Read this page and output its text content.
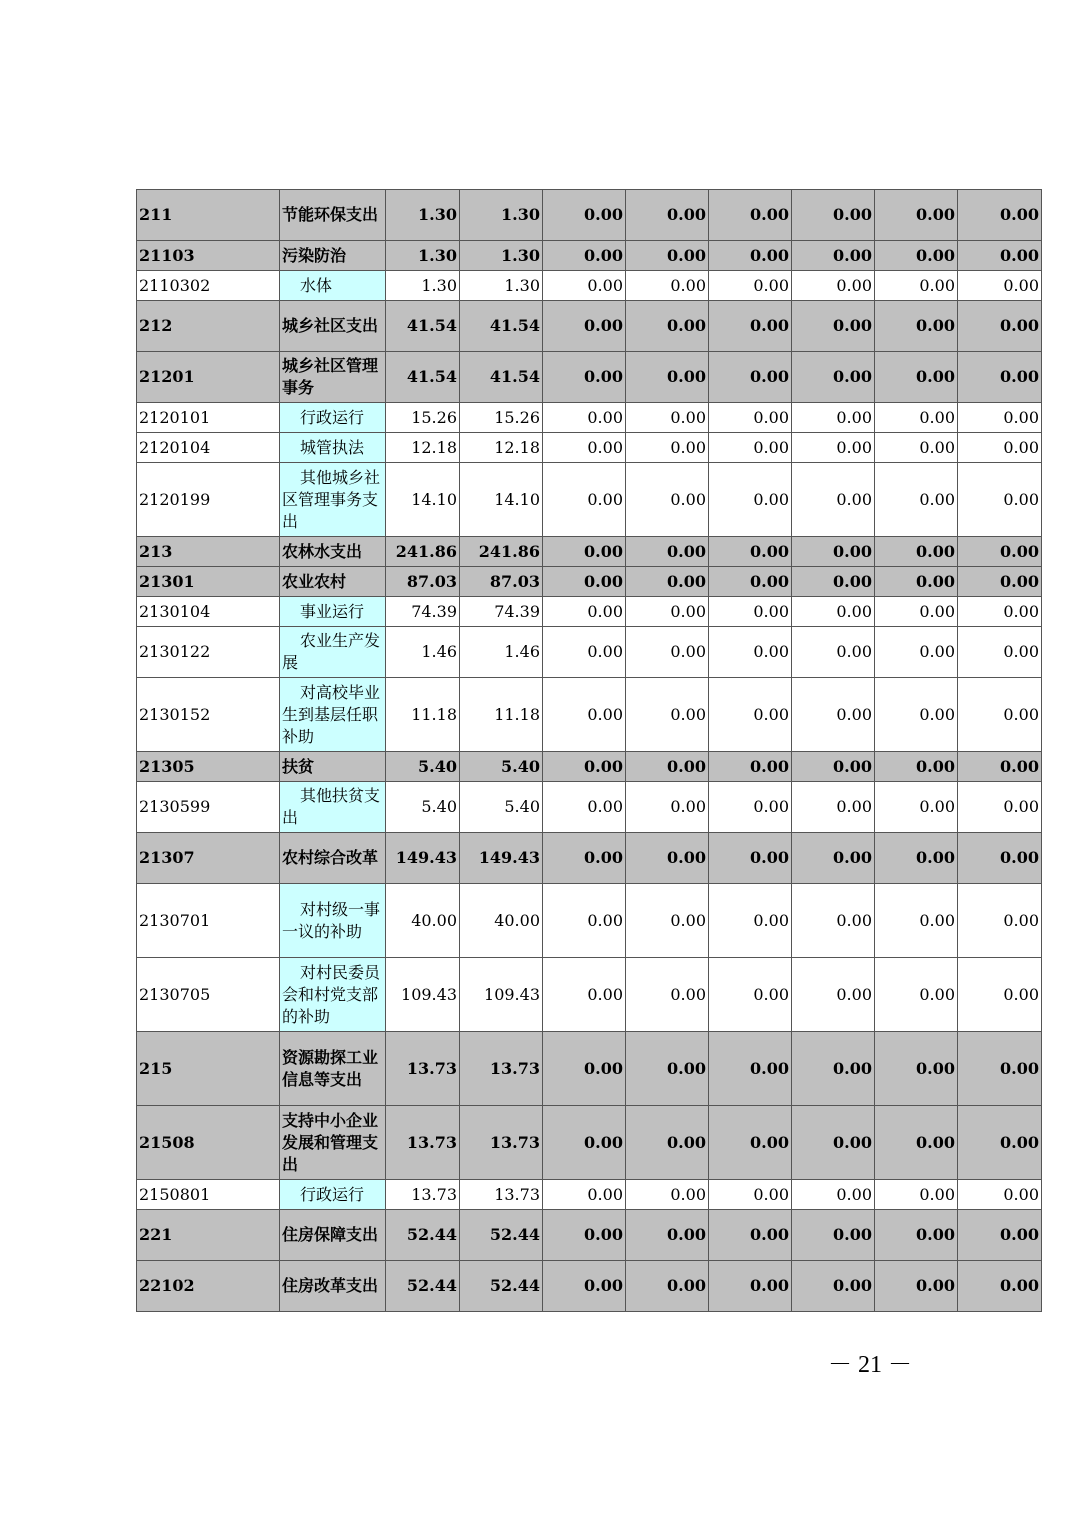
211	节能环保支出	1.30	1.30	0.00	0.00	0.00	0.00	0.00	0.00
21103	污染防治	1.30	1.30	0.00	0.00	0.00	0.00	0.00	0.00
2110302	水体	1.30	1.30	0.00	0.00	0.00	0.00	0.00	0.00
212	城乡社区支出	41.54	41.54	0.00	0.00	0.00	0.00	0.00	0.00
21201	城乡社区管理事务	41.54	41.54	0.00	0.00	0.00	0.00	0.00	0.00
2120101	行政运行	15.26	15.26	0.00	0.00	0.00	0.00	0.00	0.00
2120104	城管执法	12.18	12.18	0.00	0.00	0.00	0.00	0.00	0.00
2120199	其他城乡社区管理事务支出	14.10	14.10	0.00	0.00	0.00	0.00	0.00	0.00
213	农林水支出	241.86	241.86	0.00	0.00	0.00	0.00	0.00	0.00
21301	农业农村	87.03	87.03	0.00	0.00	0.00	0.00	0.00	0.00
2130104	事业运行	74.39	74.39	0.00	0.00	0.00	0.00	0.00	0.00
2130122	农业生产发展	1.46	1.46	0.00	0.00	0.00	0.00	0.00	0.00
2130152	对高校毕业生到基层任职补助	11.18	11.18	0.00	0.00	0.00	0.00	0.00	0.00
21305	扶贫	5.40	5.40	0.00	0.00	0.00	0.00	0.00	0.00
2130599	其他扶贫支出	5.40	5.40	0.00	0.00	0.00	0.00	0.00	0.00
21307	农村综合改革	149.43	149.43	0.00	0.00	0.00	0.00	0.00	0.00
2130701	对村级一事一议的补助	40.00	40.00	0.00	0.00	0.00	0.00	0.00	0.00
2130705	对村民委员会和村党支部的补助	109.43	109.43	0.00	0.00	0.00	0.00	0.00	0.00
215	资源勘探工业信息等支出	13.73	13.73	0.00	0.00	0.00	0.00	0.00	0.00
21508	支持中小企业发展和管理支出	13.73	13.73	0.00	0.00	0.00	0.00	0.00	0.00
2150801	行政运行	13.73	13.73	0.00	0.00	0.00	0.00	0.00	0.00
221	住房保障支出	52.44	52.44	0.00	0.00	0.00	0.00	0.00	0.00
22102	住房改革支出	52.44	52.44	0.00	0.00	0.00	0.00	0.00	0.00
－ 21 －
